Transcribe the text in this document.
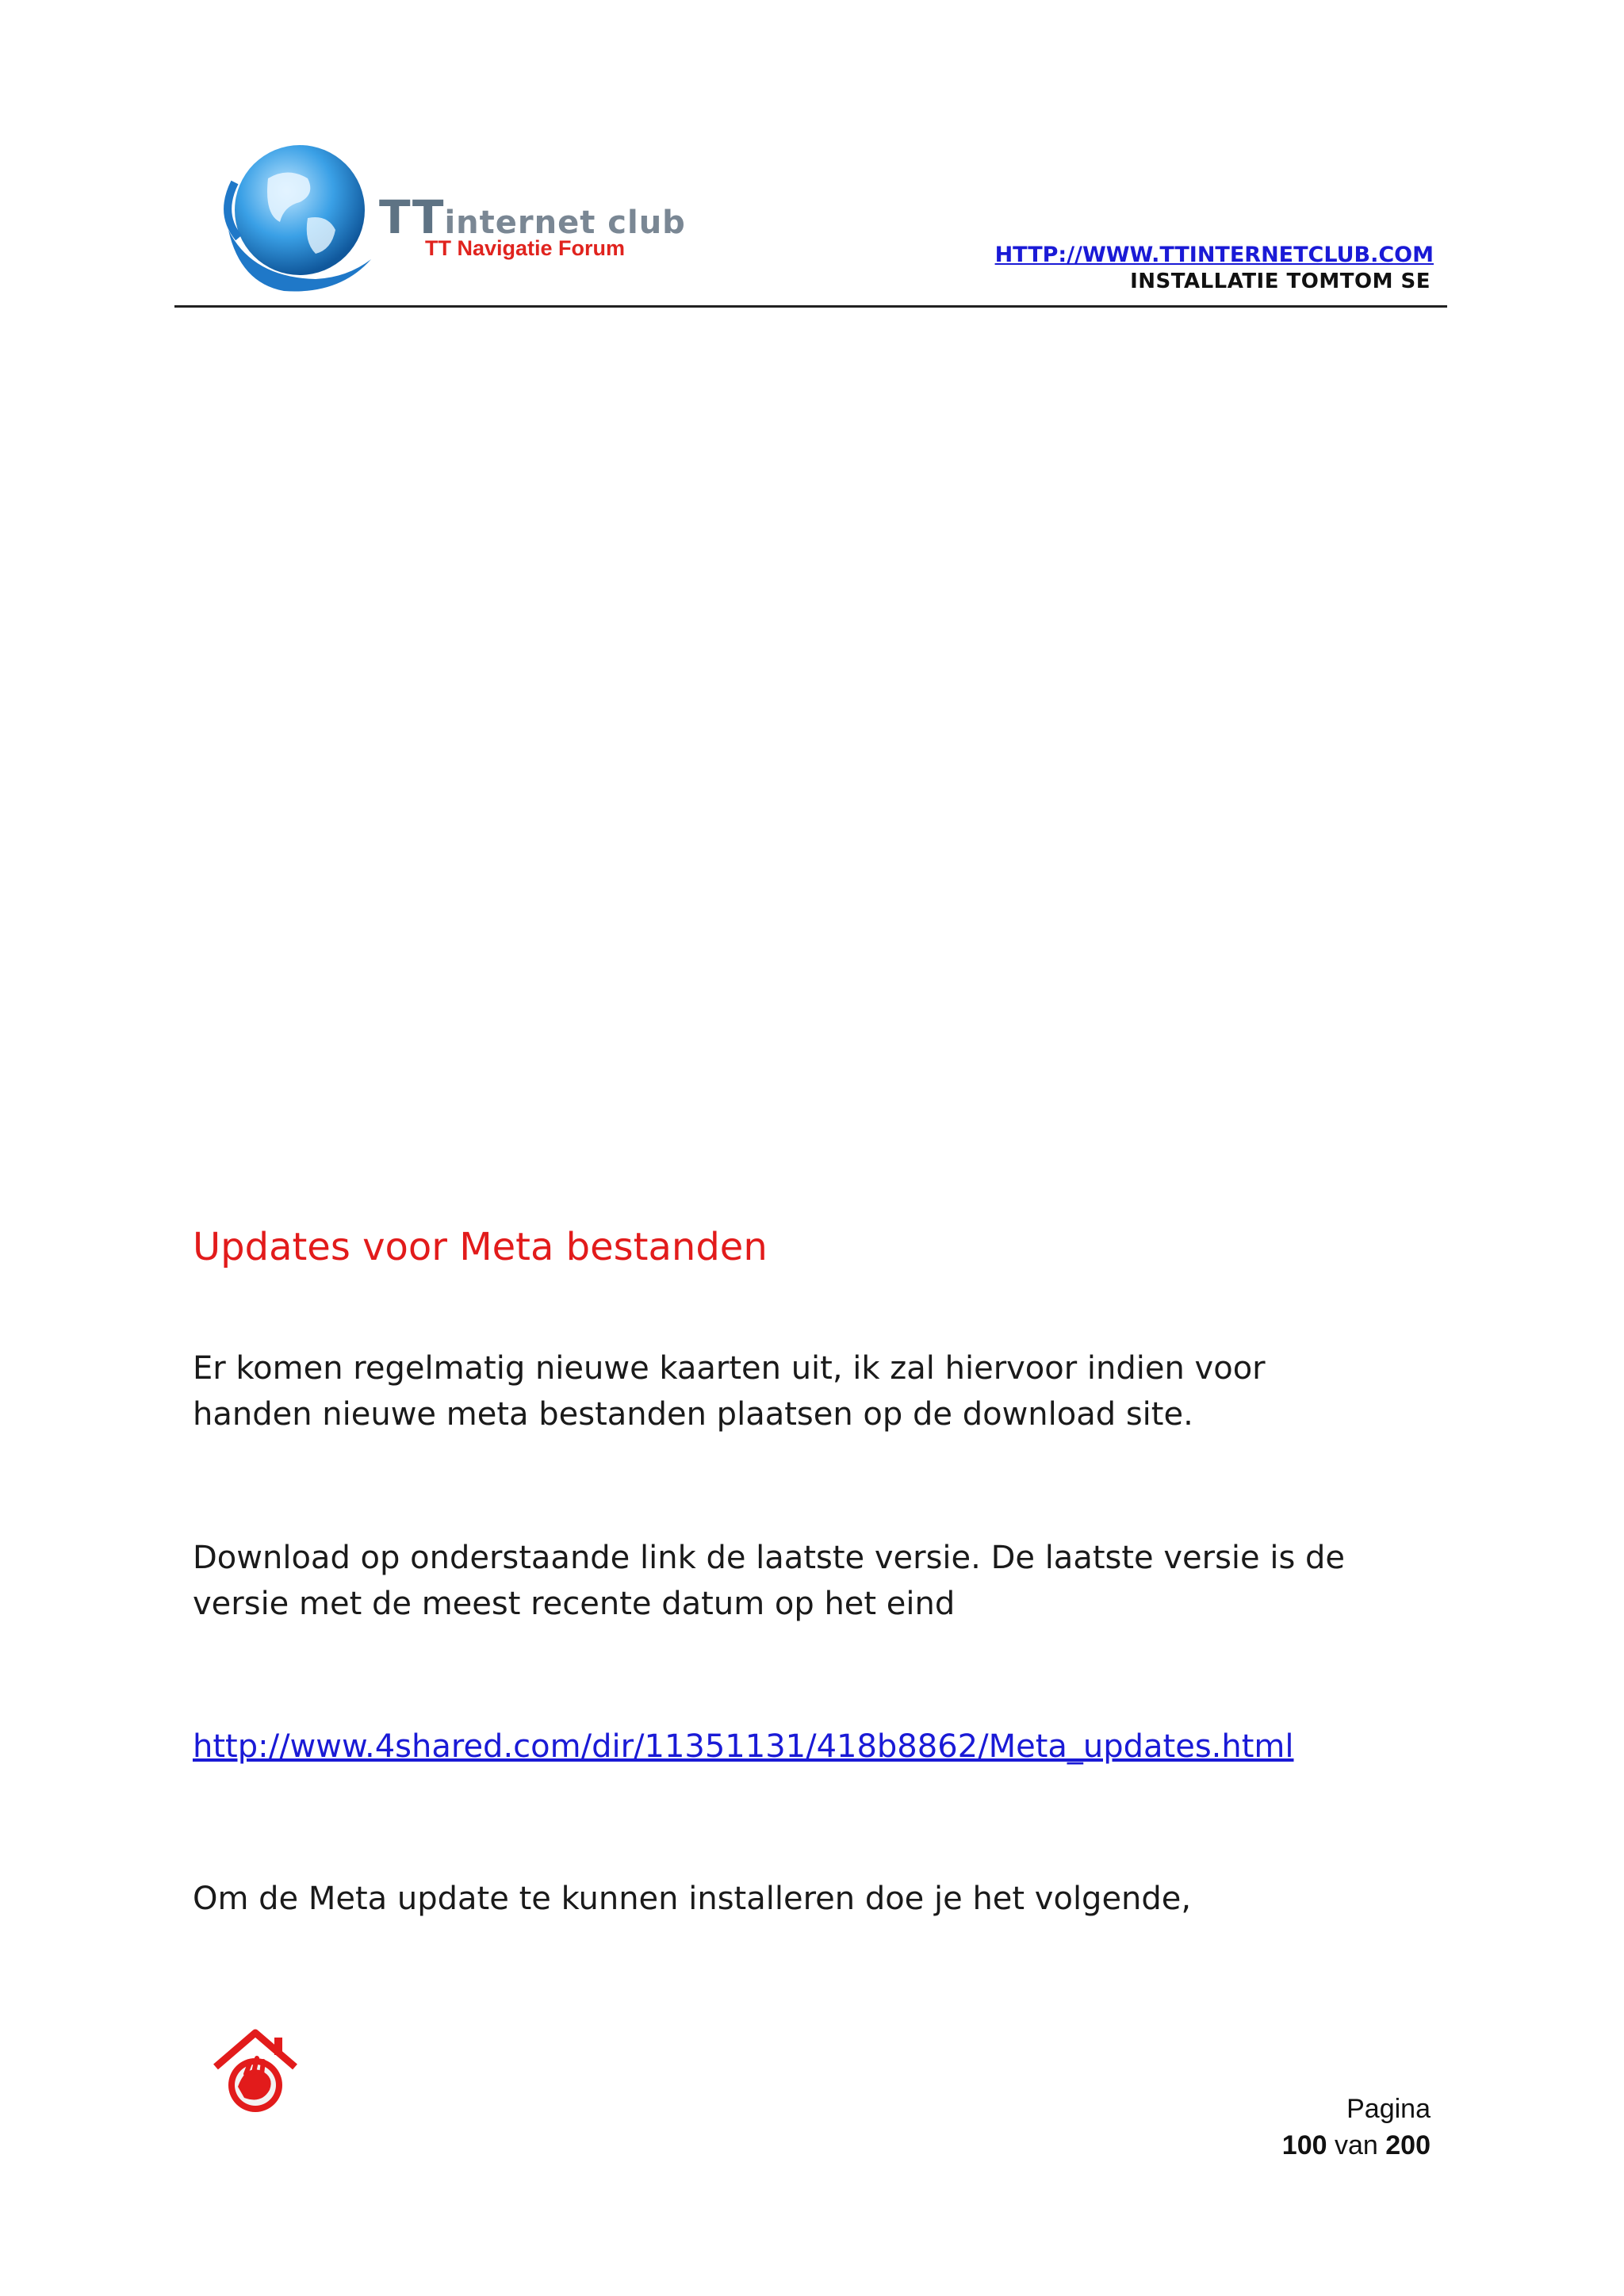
TTinternet club
TT Navigatie Forum	HTTP://WWW.TTINTERNETCLUB.COM
INSTALLATIE TOMTOM SE
Updates voor Meta bestanden
Er komen regelmatig nieuwe kaarten uit, ik zal hiervoor indien voor
handen nieuwe meta bestanden plaatsen op de download site.
Download op onderstaande link de laatste versie. De laatste versie is de
versie met de meest recente datum op het eind
http://www.4shared.com/dir/11351131/418b8862/Meta_updates.html
Om de Meta update te kunnen installeren doe je het volgende,
Pagina
100 van 200
